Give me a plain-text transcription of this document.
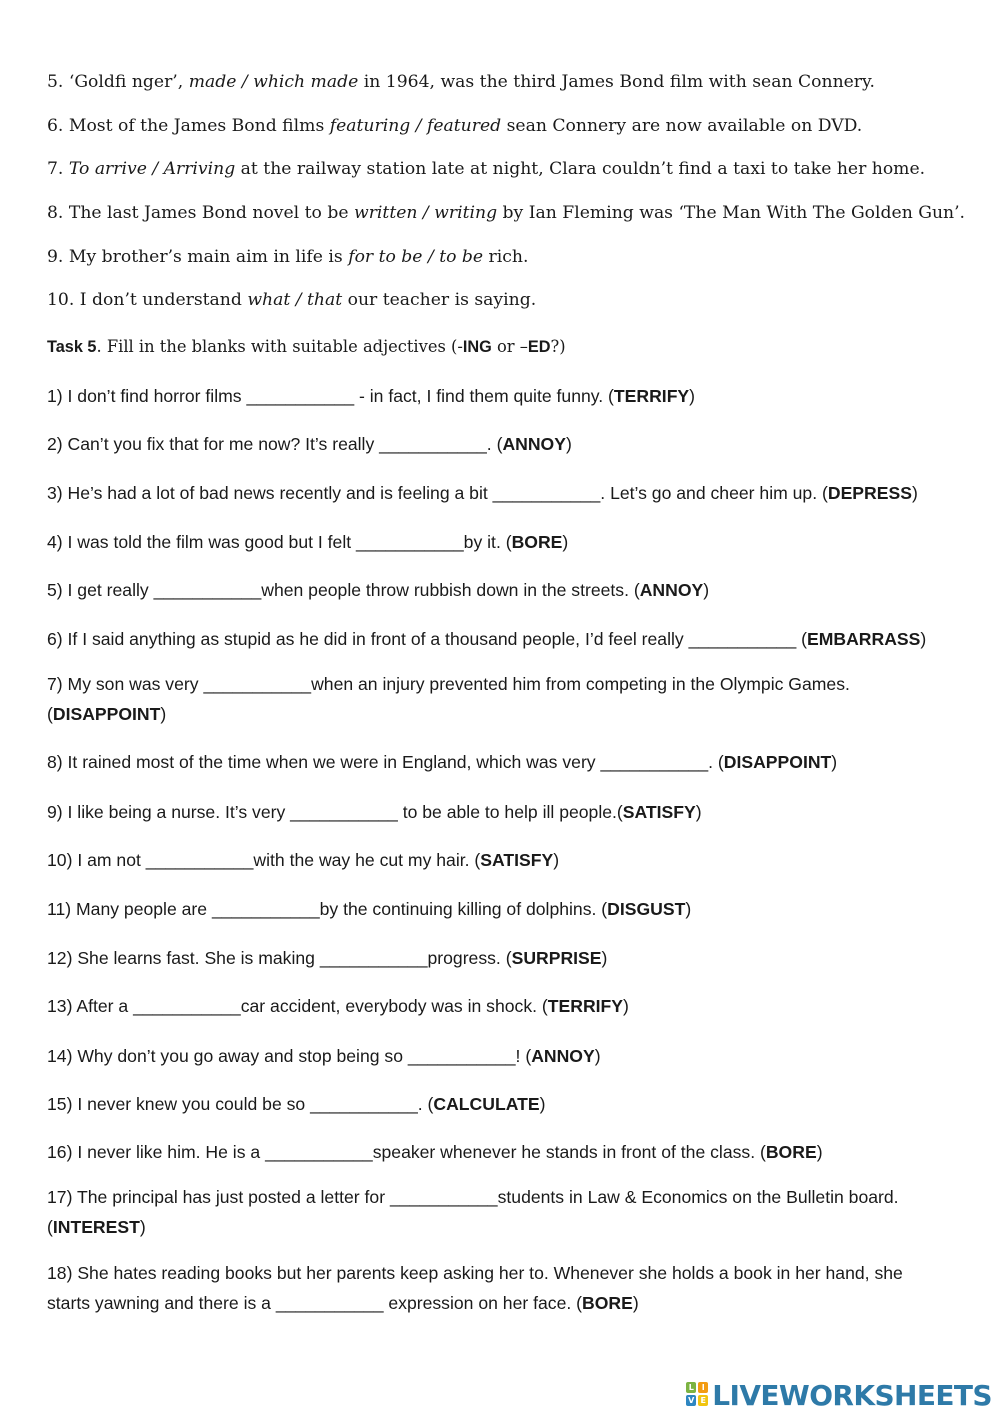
5. ‘Goldfi nger’, made / which made in 1964, was the third James Bond film with sean Connery.
6. Most of the James Bond films featuring / featured sean Connery are now available on DVD.
7. To arrive / Arriving at the railway station late at night, Clara couldn’t find a taxi to take her home.
8. The last James Bond novel to be written / writing by Ian Fleming was ‘The Man With The Golden Gun’.
9. My brother’s main aim in life is for to be / to be rich.
10. I don’t understand what / that our teacher is saying.
Task 5. Fill in the blanks with suitable adjectives (-ING or –ED?)
1) I don’t find horror films ___________ - in fact, I find them quite funny. (TERRIFY)
2) Can’t you fix that for me now? It’s really ___________. (ANNOY)
3) He’s had a lot of bad news recently and is feeling a bit ___________. Let’s go and cheer him up. (DEPRESS)
4) I was told the film was good but I felt ___________by it. (BORE)
5) I get really ___________when people throw rubbish down in the streets. (ANNOY)
6) If I said anything as stupid as he did in front of a thousand people, I’d feel really ___________ (EMBARRASS)
7) My son was very ___________when an injury prevented him from competing in the Olympic Games.
(DISAPPOINT)
8) It rained most of the time when we were in England, which was very ___________. (DISAPPOINT)
9) I like being a nurse. It’s very ___________ to be able to help ill people.(SATISFY)
10) I am not ___________with the way he cut my hair. (SATISFY)
11) Many people are ___________by the continuing killing of dolphins. (DISGUST)
12) She learns fast. She is making ___________progress. (SURPRISE)
13) After a ___________car accident, everybody was in shock. (TERRIFY)
14) Why don’t you go away and stop being so ___________! (ANNOY)
15) I never knew you could be so ___________. (CALCULATE)
16) I never like him. He is a ___________speaker whenever he stands in front of the class. (BORE)
17) The principal has just posted a letter for ___________students in Law & Economics on the Bulletin board.
(INTEREST)
18) She hates reading books but her parents keep asking her to. Whenever she holds a book in her hand, she
starts yawning and there is a ___________ expression on her face. (BORE)
L I
V E LIVEWORKSHEETS
